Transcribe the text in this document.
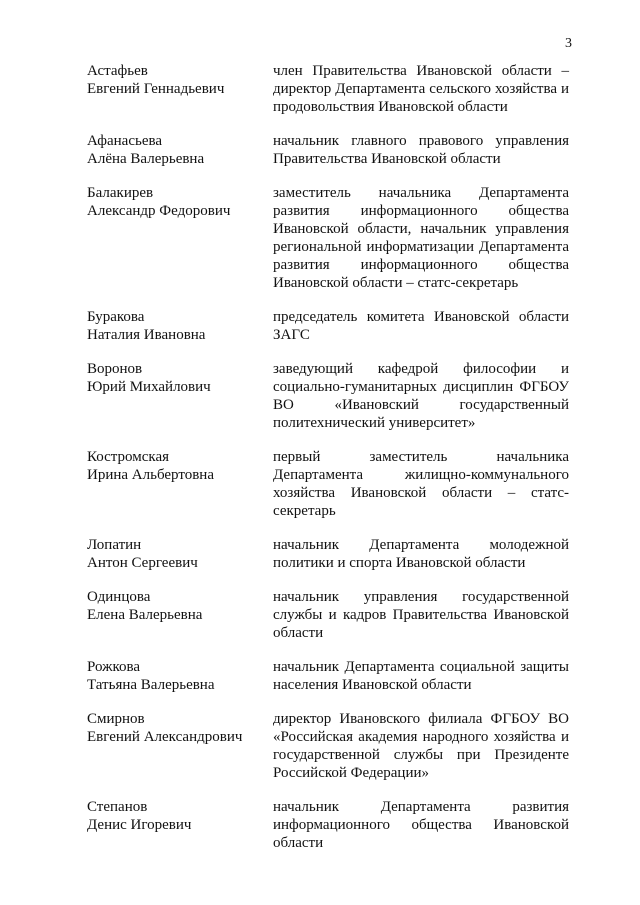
3
Астафьев
Евгений Геннадьевич
член Правительства Ивановской области – директор Департамента сельского хозяйства и продовольствия Ивановской области
Афанасьева
Алёна Валерьевна
начальник главного правового управления Правительства Ивановской области
Балакирев
Александр Федорович
заместитель начальника Департамента развития информационного общества Ивановской области, начальник управления региональной информатизации Департамента развития информационного общества Ивановской области – статс-секретарь
Буракова
Наталия Ивановна
председатель комитета Ивановской области ЗАГС
Воронов
Юрий Михайлович
заведующий кафедрой философии и социально-гуманитарных дисциплин ФГБОУ ВО «Ивановский государственный политехнический университет»
Костромская
Ирина Альбертовна
первый заместитель начальника Департамента жилищно-коммунального хозяйства Ивановской области – статс-секретарь
Лопатин
Антон Сергеевич
начальник Департамента молодежной политики и спорта Ивановской области
Одинцова
Елена Валерьевна
начальник управления государственной службы и кадров Правительства Ивановской области
Рожкова
Татьяна Валерьевна
начальник Департамента социальной защиты населения Ивановской области
Смирнов
Евгений Александрович
директор Ивановского филиала ФГБОУ ВО «Российская академия народного хозяйства и государственной службы при Президенте Российской Федерации»
Степанов
Денис Игоревич
начальник Департамента развития информационного общества Ивановской области
